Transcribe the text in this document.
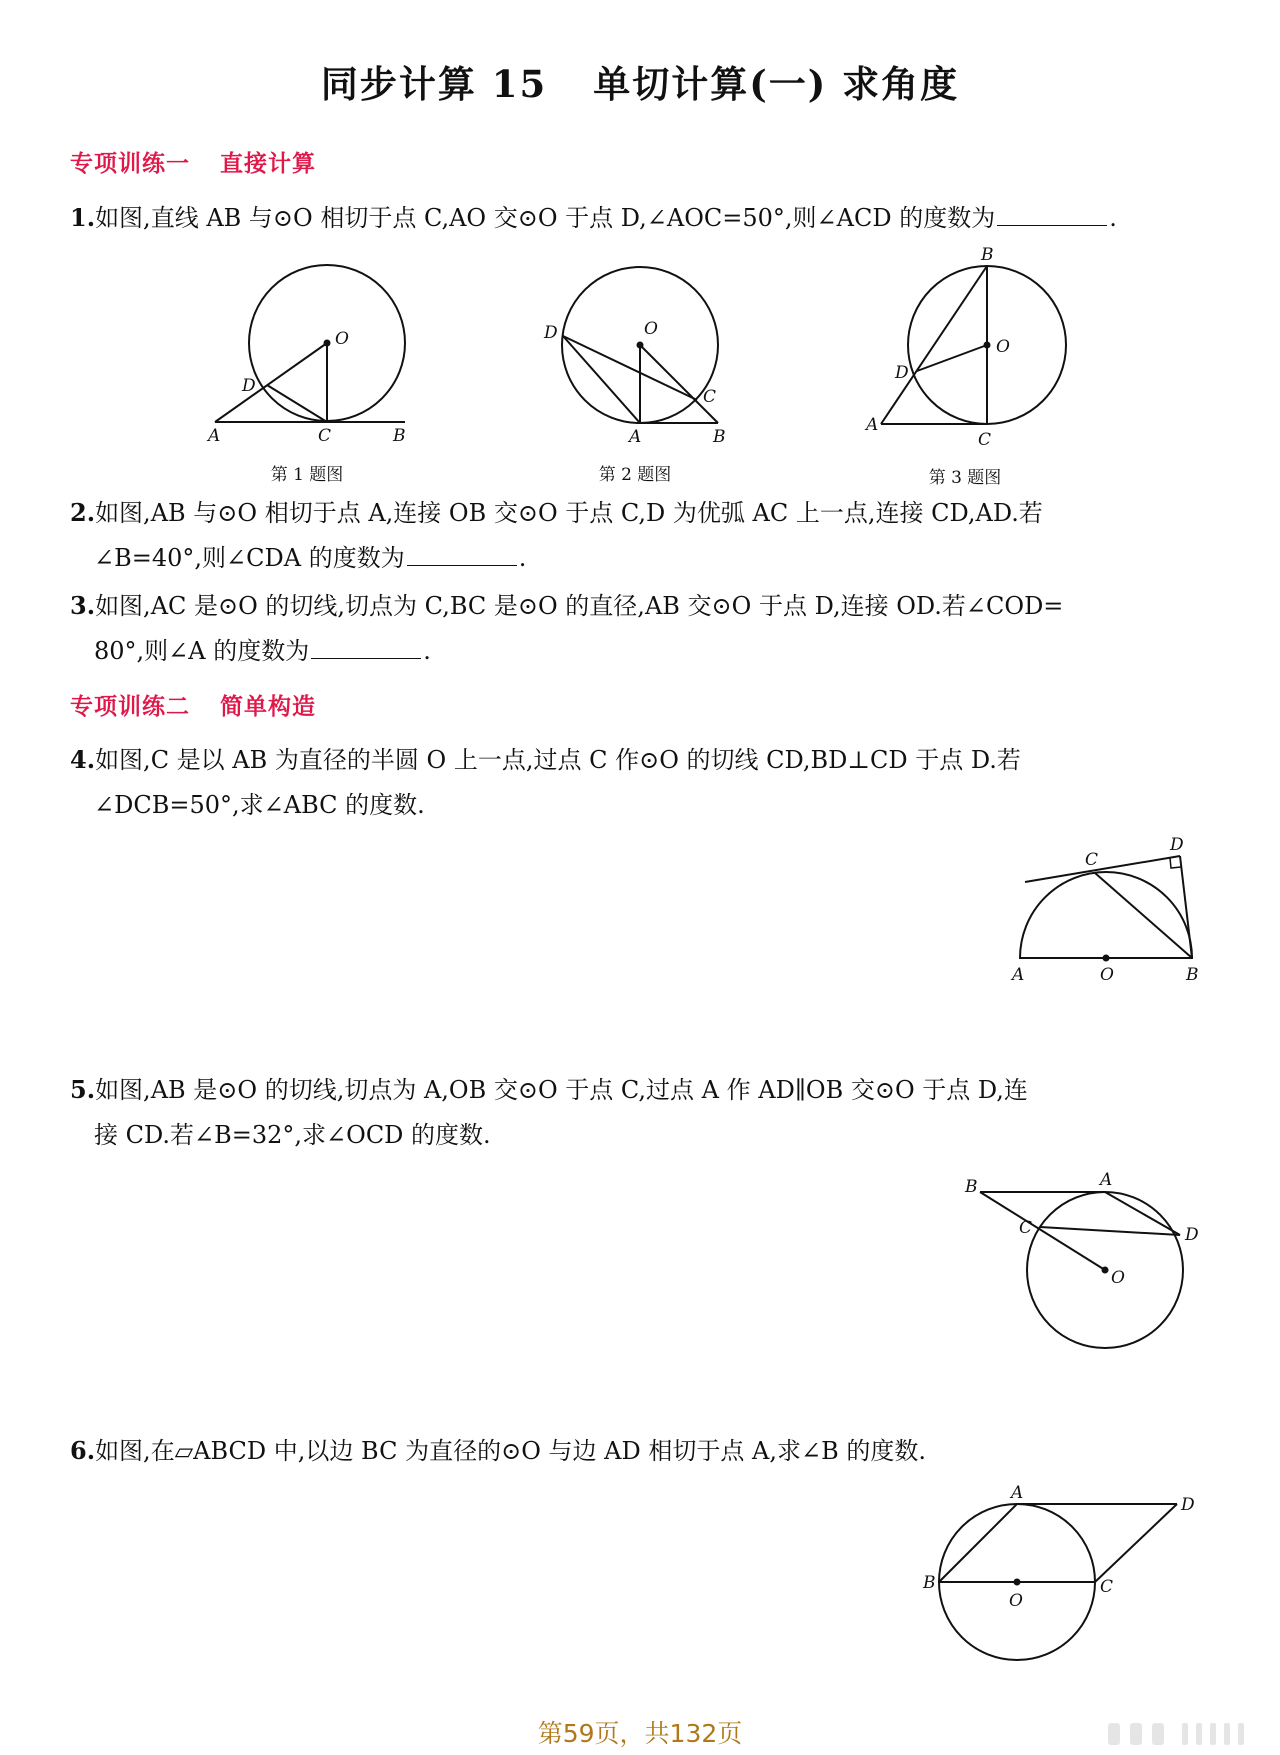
同步计算 15 单切计算(一) 求角度
专项训练一 直接计算
1.如图,直线 AB 与⊙O 相切于点 C,AO 交⊙O 于点 D,∠AOC=50°,则∠ACD 的度数为	.
O
D
A	C	B
第 1 题图
O
D
C
A	B
第 2 题图
B
O
D
A
C
第 3 题图
2.如图,AB 与⊙O 相切于点 A,连接 OB 交⊙O 于点 C,D 为优弧 AC 上一点,连接 CD,AD.若
∠B=40°,则∠CDA 的度数为	.
3.如图,AC 是⊙O 的切线,切点为 C,BC 是⊙O 的直径,AB 交⊙O 于点 D,连接 OD.若∠COD=
80°,则∠A 的度数为	.
专项训练二 简单构造
4.如图,C 是以 AB 为直径的半圆 O 上一点,过点 C 作⊙O 的切线 CD,BD⊥CD 于点 D.若
∠DCB=50°,求∠ABC 的度数.
C
D
A	O	B
5.如图,AB 是⊙O 的切线,切点为 A,OB 交⊙O 于点 C,过点 A 作 AD∥OB 交⊙O 于点 D,连
接 CD.若∠B=32°,求∠OCD 的度数.
B	A
C	D
O
6.如图,在▱ABCD 中,以边 BC 为直径的⊙O 与边 AD 相切于点 A,求∠B 的度数.
A
D
B
O
C
第59页，共132页
